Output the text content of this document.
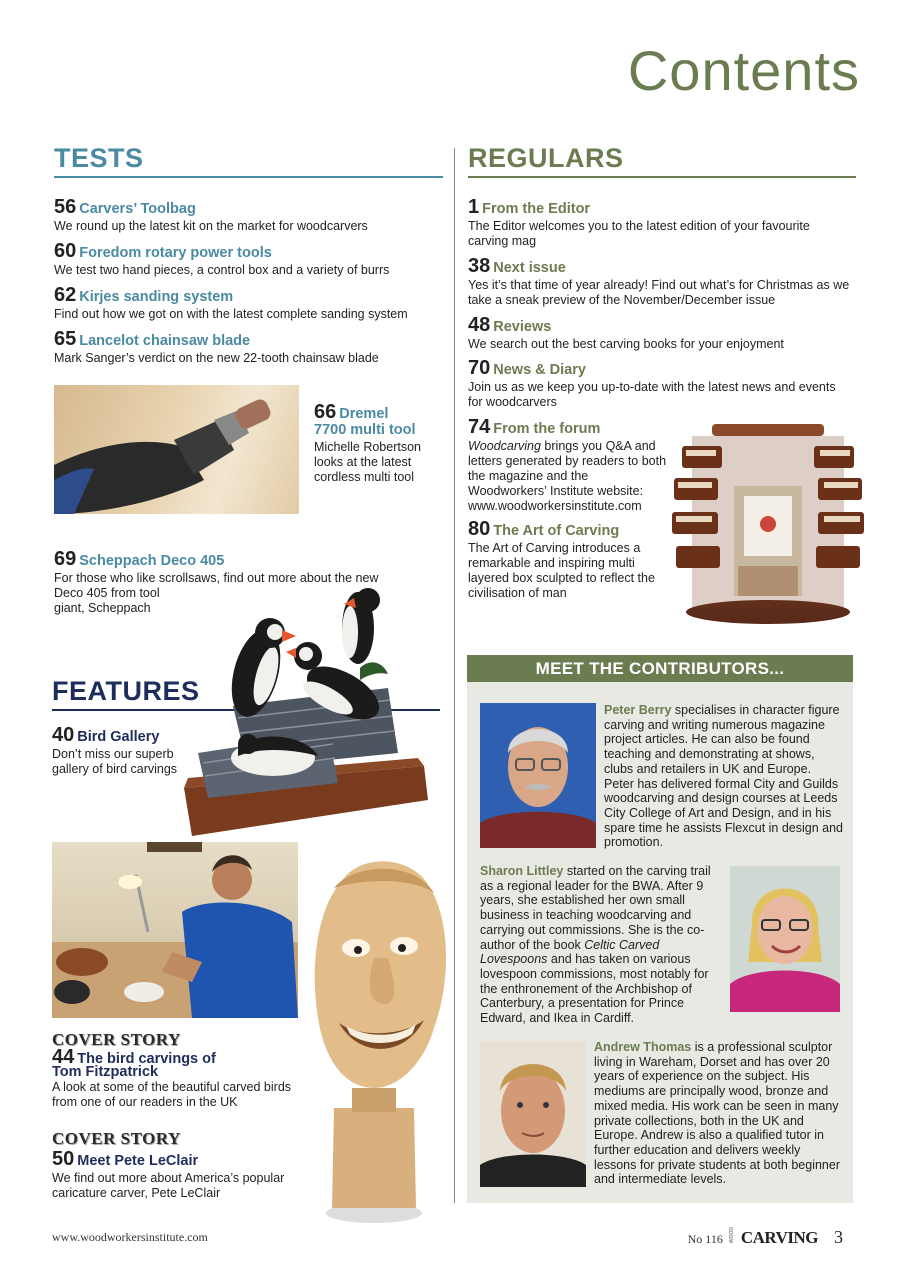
Contents
TESTS	REGULARS
56 Carvers’ Toolbag
We round up the latest kit on the market for woodcarvers
60 Foredom rotary power tools
We test two hand pieces, a control box and a variety of burrs
62 Kirjes sanding system
Find out how we got on with the latest complete sanding system
65 Lancelot chainsaw blade
Mark Sanger’s verdict on the new 22-tooth chainsaw blade
66 Dremel
7700 multi tool
Michelle Robertson looks at the latest cordless multi tool
69 Scheppach Deco 405
For those who like scrollsaws, find out more about the new
Deco 405 from tool
giant, Scheppach
1 From the Editor
The Editor welcomes you to the latest edition of your favourite carving mag
38 Next issue
Yes it’s that time of year already! Find out what’s for Christmas as we take a sneak preview of the November/December issue
48 Reviews
We search out the best carving books for your enjoyment
70 News & Diary
Join us as we keep you up-to-date with the latest news and events for woodcarvers
74 From the forum
Woodcarving brings you Q&A and letters generated by readers to both the magazine and the Woodworkers’ Institute website: www.woodworkersinstitute.com
80 The Art of Carving
The Art of Carving introduces a remarkable and inspiring multi layered box sculpted to reflect the civilisation of man
FEATURES
40 Bird Gallery
Don’t miss our superb gallery of bird carvings
COVER STORY
44 The bird carvings of
Tom Fitzpatrick
A look at some of the beautiful carved birds from one of our readers in the UK
COVER STORY
50 Meet Pete LeClair
We find out more about America’s popular caricature carver, Pete LeClair
MEET THE CONTRIBUTORS...
Peter Berry specialises in character figure carving and writing numerous magazine project articles. He can also be found teaching and demonstrating at shows, clubs and retailers in UK and Europe. Peter has delivered formal City and Guilds woodcarving and design courses at Leeds City College of Art and Design, and in his spare time he assists Flexcut in design and promotion.
Sharon Littley started on the carving trail as a regional leader for the BWA. After 9 years, she established her own small business in teaching woodcarving and carrying out commissions. She is the co-author of the book Celtic Carved Lovespoons and has taken on various lovespoon commissions, most notably for the enthronement of the Archbishop of Canterbury, a presentation for Prince Edward, and Ikea in Cardiff.
Andrew Thomas is a professional sculptor living in Wareham, Dorset and has over 20 years of experience on the subject. His mediums are principally wood, bronze and mixed media. His work can be seen in many private collections, both in the UK and Europe. Andrew is also a qualified tutor in further education and delivers weekly lessons for private students at both beginner and intermediate levels.
www.woodworkersinstitute.com	No 116 WOOD CARVING 3
